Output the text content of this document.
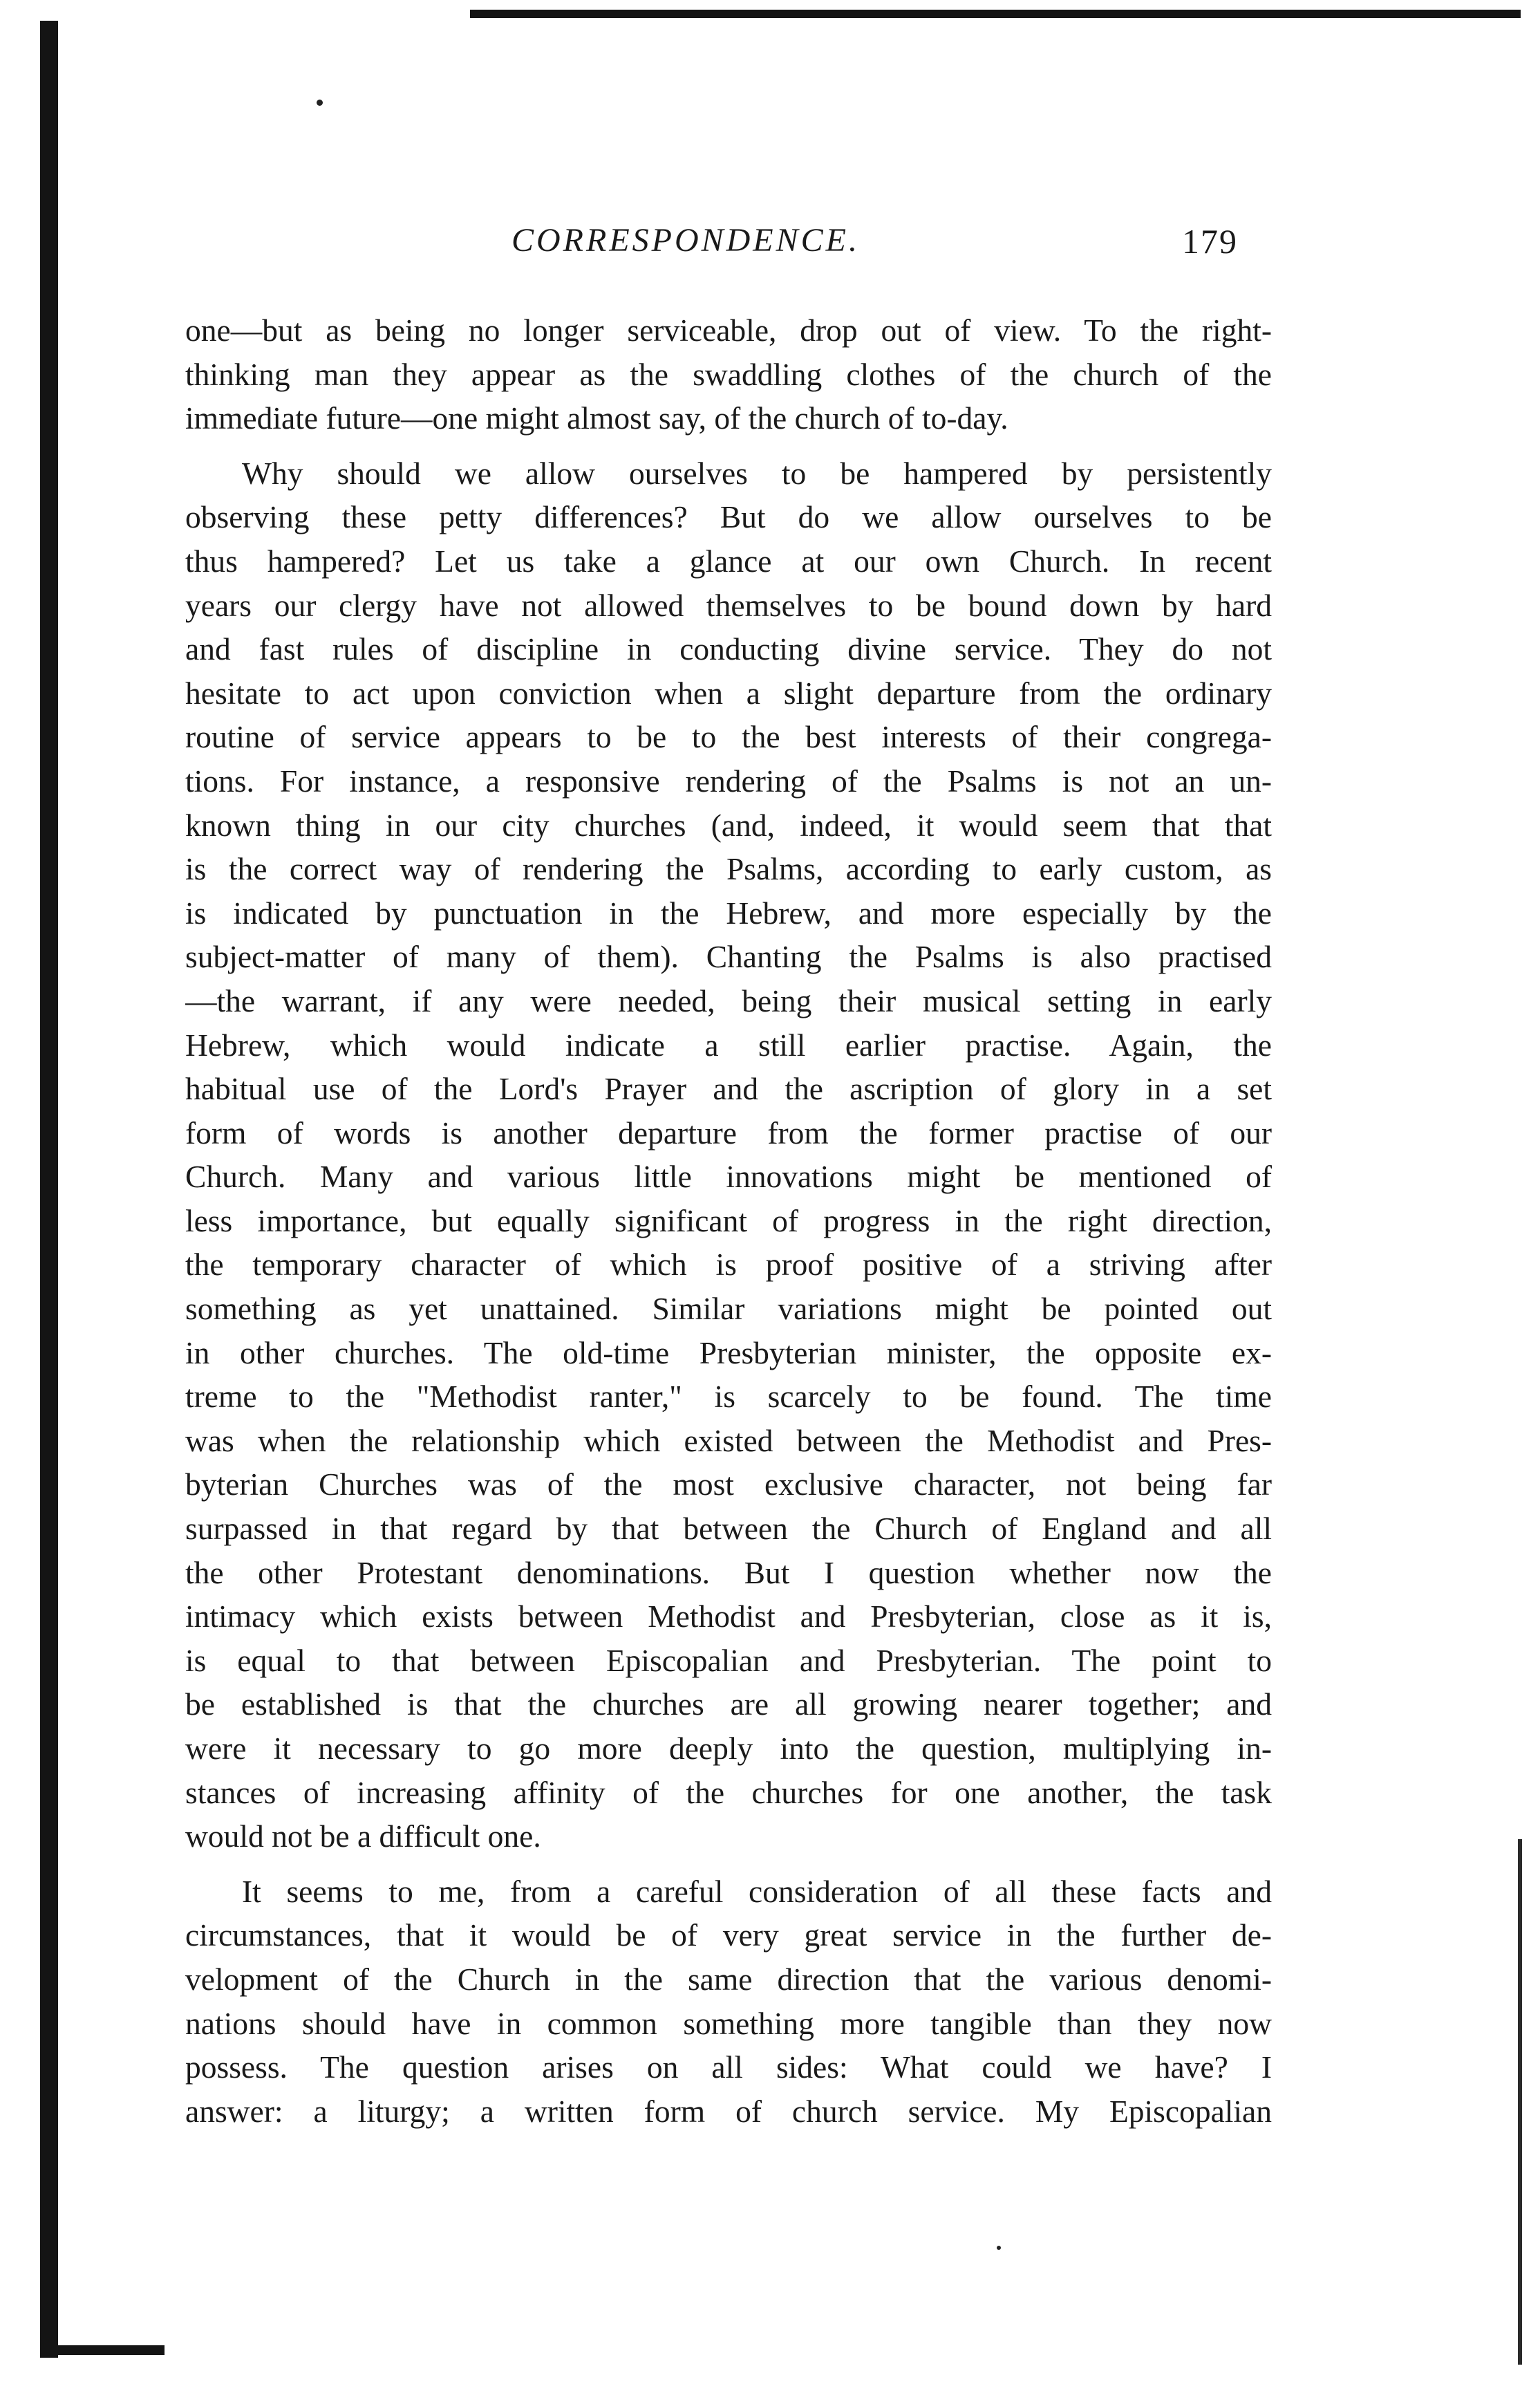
CORRESPONDENCE.	179
one—but as being no longer serviceable, drop out of view. To the right-
thinking man they appear as the swaddling clothes of the church of the
immediate future—one might almost say, of the church of to-day.
Why should we allow ourselves to be hampered by persistently
observing these petty differences? But do we allow ourselves to be
thus hampered? Let us take a glance at our own Church. In recent
years our clergy have not allowed themselves to be bound down by hard
and fast rules of discipline in conducting divine service. They do not
hesitate to act upon conviction when a slight departure from the ordinary
routine of service appears to be to the best interests of their congrega-
tions. For instance, a responsive rendering of the Psalms is not an un-
known thing in our city churches (and, indeed, it would seem that that
is the correct way of rendering the Psalms, according to early custom, as
is indicated by punctuation in the Hebrew, and more especially by the
subject-matter of many of them). Chanting the Psalms is also practised
—the warrant, if any were needed, being their musical setting in early
Hebrew, which would indicate a still earlier practise. Again, the
habitual use of the Lord's Prayer and the ascription of glory in a set
form of words is another departure from the former practise of our
Church. Many and various little innovations might be mentioned of
less importance, but equally significant of progress in the right direction,
the temporary character of which is proof positive of a striving after
something as yet unattained. Similar variations might be pointed out
in other churches. The old-time Presbyterian minister, the opposite ex-
treme to the "Methodist ranter," is scarcely to be found. The time
was when the relationship which existed between the Methodist and Pres-
byterian Churches was of the most exclusive character, not being far
surpassed in that regard by that between the Church of England and all
the other Protestant denominations. But I question whether now the
intimacy which exists between Methodist and Presbyterian, close as it is,
is equal to that between Episcopalian and Presbyterian. The point to
be established is that the churches are all growing nearer together; and
were it necessary to go more deeply into the question, multiplying in-
stances of increasing affinity of the churches for one another, the task
would not be a difficult one.
It seems to me, from a careful consideration of all these facts and
circumstances, that it would be of very great service in the further de-
velopment of the Church in the same direction that the various denomi-
nations should have in common something more tangible than they now
possess. The question arises on all sides: What could we have? I
answer: a liturgy; a written form of church service. My Episcopalian
